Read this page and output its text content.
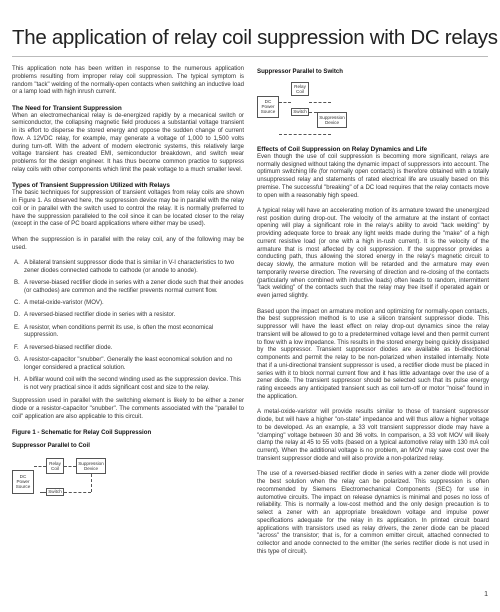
The application of relay coil suppression with DC relays

This application note has been written in response to the numerous application problems resulting from improper relay coil suppression. The typical symptom is random "tack" welding of the normally-open contacts when switching an inductive load or a lamp load with high inrush current.

The Need for Transient Suppression

When an electromechanical relay is de-energized rapidly by a mecanical switch or semiconductor, the collapsing magnetic field produces a substantial voltage transient in its effort to disperse the stored energy and oppose the sudden change of current flow. A 12VDC relay, for example, may generate a voltage of 1,000 to 1,500 volts during turn-off. With the advent of modern electronic systems, this relatively large voltage transient has created EMI, semiconductor breakdown, and switch wear problems for the design engineer. It has thus become common practice to suppress relay coils with other components which limit the peak voltage to a much smaller level.

Types of Transient Suppression Utilized with Relays

The basic techniques for suppression of transient voltages from relay coils are shown in Figure 1. As observed here, the suppression device may be in parallel with the relay coil or in parallel with the switch used to control the relay. It is normally preferred to have the suppression paralleled to the coil since it can be located closer to the relay (except in the case of PC board applications where either may be used).

When the suppression is in parallel with the relay coil, any of the following may be used.

A. A bilateral transient suppressor diode that is similar in V-I characteristics to two zener diodes connected cathode to cathode (or anode to anode).
B. A reverse-biased rectifier diode in series with a zener diode such that their anodes (or cathodes) are common and the rectifier prevents normal current flow.
C. A metal-oxide-varistor (MOV).
D. A reversed-biased rectifier diode in series with a resistor.
E. A resistor, when conditions permit its use, is often the most economical suppression.
F. A reversed-biased rectifier diode.
G. A resistor-capacitor "snubber". Generally the least economical solution and no longer considered a practical solution.
H. A bifilar wound coil with the second winding used as the suppression device. This is not very practical since it adds significant cost and size to the relay.

Suppression used in parallel with the switching element is likely to be either a zener diode or a resistor-capacitor "snubber". The comments associated with the "parallel to coil" application are also applicable to this circuit.

Figure 1 - Schematic for Relay Coil Suppression
Suppressor Parallel to Coil
DC Power Source
Relay Coil
Suppression Device
Switch
Suppressor Parallel to Switch
DC Power Source
Relay Coil
Switch
Suppression Device
Effects of Coil Suppression on Relay Dynamics and Life

Even though the use of coil suppression is becoming more significant, relays are normally designed without taking the dynamic impact of suppressors into account. The optimum switching life (for normally open contacts) is therefore obtained with a totally unsuppressed relay and statements of rated electrical life are usually based on this premise. The successful "breaking" of a DC load requires that the relay contacts move to open with a reasonably high speed.

A typical relay will have an accelerating motion of its armature toward the unenergized rest position during drop-out. The velocity of the armature at the instant of contact opening will play a significant role in the relay's ability to avoid "tack welding" by providing adequate force to break any light welds made during the "make" of a high current resistive load (or one with a high in-rush current). It is the velocity of the armature that is most affected by coil suppression. If the suppressor provides a conducting path, thus allowing the stored energy in the relay's magnetic circuit to decay slowly, the armature motion will be retarded and the armature may even temporarily reverse direction. The reversing of direction and re-closing of the contacts (particularly when combined with inductive loads) often leads to random, intermittent "tack welding" of the contacts such that the relay may free itself if operated again or even jarred slightly.

Based upon the impact on armature motion and optimizing for normally-open contacts, the best suppression method is to use a silicon transient suppressor diode. This suppressor will have the least effect on relay drop-out dynamics since the relay transient will be allowed to go to a predetermined voltage level and then permit current to flow with a low impedance. This results in the stored energy being quickly dissipated by the suppressor. Transient suppressor diodes are available as bi-directional components and permit the relay to be non-polarized when installed internally. Note that if a uni-directional transient suppressor is used, a rectifier diode must be placed in series with it to block normal current flow and it has little advantage over the use of a zener diode. The transient suppressor should be selected such that its pulse energy rating exceeds any anticipated transient such as coil turn-off or motor "noise" found in the application.

A metal-oxide-varistor will provide results similar to those of transient suppressor diode, but will have a higher "on-state" impedance and will thus allow a higher voltage to be developed. As an example, a 33 volt transient suppressor diode may have a "clamping" voltage between 30 and 36 volts. In comparison, a 33 volt MOV will likely clamp the relay at 45 to 55 volts (based on a typical automotive relay with 130 mA coil current). When the additional voltage is no problem, an MOV may save cost over the transient suppressor diode and will also provide a non-polarized relay.

The use of a reversed-biased rectifier diode in series with a zener diode will provide the best solution when the relay can be polarized. This suppression is often recommended by Siemens Electromechanical Components (SEC) for use in automotive circuits. The impact on release dynamics is minimal and poses no loss of reliability. This is normally a low-cost method and the only design precaution is to select a zener with an appropriate breakdown voltage and impulse power specifications adequate for the relay in its application. In printed circuit board applications with transistors used as relay drivers, the zener diode can be placed "across" the transistor; that is, for a common emitter circuit, attached connected to collector and anode connected to the emitter (the series rectifier diode is not used in this type of circuit).

1
